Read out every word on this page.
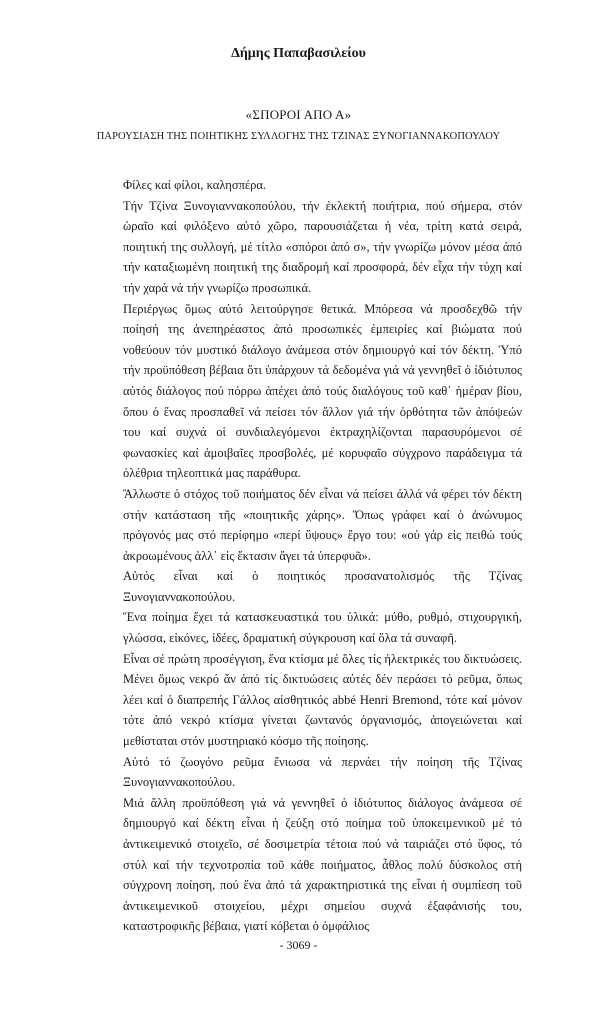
Δήμης Παπαβασιλείου
«ΣΠΟΡΟΙ ΑΠΟ Α»
ΠΑΡΟΥΣΙΑΣΗ ΤΗΣ ΠΟΙΗΤΙΚΗΣ ΣΥΛΛΟΓΗΣ ΤΗΣ ΤΖΙΝΑΣ ΞΥΝΟΓΙΑΝΝΑΚΟΠΟΥΛΟΥ

Φίλες καί φίλοι, καλησπέρα.

Τήν Τζίνα Ξυνογιαννακοπούλου, τήν ἐκλεκτή ποιήτρια, πού σήμερα, στόν ὡραῖο καί φιλόξενο αὐτό χῶρο, παρουσιάζεται ἡ νέα, τρίτη κατά σειρά, ποιητική της συλλογή, μέ τίτλο «σπόροι ἀπό σ», τήν γνωρίζω μόνον μέσα ἀπό τήν καταξιωμένη ποιητική της διαδρομή καί προσφορά, δέν εἶχα τήν τύχη καί τήν χαρά νά τήν γνωρίζω προσωπικά.

Περιέργως ὅμως αὐτό λειτούργησε θετικά. Μπόρεσα νά προσδεχθῶ τήν ποίησή της ἀνεπηρέαστος ἀπό προσωπικές ἐμπειρίες καί βιώματα πού νοθεύουν τόν μυστικό διάλογο ἀνάμεσα στόν δημιουργό καί τόν δέκτη. Ὑπό τήν προϋπόθεση βέβαια ὅτι ὑπάρχουν τά δεδομένα γιά νά γεννηθεῖ ὁ ἰδιότυπος αὐτός διάλογος πού πόρρω ἀπέχει ἀπό τούς διαλόγους τοῦ καθ᾽ ἡμέραν βίου, ὅπου ὁ ἕνας προσπαθεῖ νά πείσει τόν ἄλλον γιά τήν ὀρθότητα τῶν ἀπόψεών του καί συχνά οἱ συνδιαλεγόμενοι ἐκτραχηλίζονται παρασυρόμενοι σέ φωνασκίες καί ἀμοιβαῖες προσβολές, μέ κορυφαῖο σύγχρονο παράδειγμα τά ὀλέθρια τηλεοπτικά μας παράθυρα.

Ἄλλωστε ὁ στόχος τοῦ ποιήματος δέν εἶναι νά πείσει ἀλλά νά φέρει τόν δέκτη στήν κατάσταση τῆς «ποιητικῆς χάρης». Ὅπως γράφει καί ὁ ἀνώνυμος πρόγονός μας στό περίφημο «περί ὕψους» ἔργο του: «οὐ γάρ εἰς πειθώ τούς ἀκροωμένους ἀλλ᾽ εἰς ἔκτασιν ἄγει τά ὑπερφυᾶ».

Αὐτός εἶναι καί ὁ ποιητικός προσανατολισμός τῆς Τζίνας Ξυνογιαννακοπούλου.

Ἕνα ποίημα ἔχει τά κατασκευαστικά του ὑλικά: μύθο, ρυθμό, στιχουργική, γλώσσα, εἰκόνες, ἰδέες, δραματική σύγκρουση καί ὅλα τά συναφῆ.

Εἶναι σέ πρώτη προσέγγιση, ἕνα κτίσμα μέ ὅλες τίς ἠλεκτρικές του δικτυώσεις. Μένει ὅμως νεκρό ἄν ἀπό τίς δικτυώσεις αὐτές δέν περάσει τό ρεῦμα, ὅπως λέει καί ὁ διαπρεπής Γάλλος αἰσθητικός abbé Henri Bremond, τότε καί μόνον τότε ἀπό νεκρό κτίσμα γίνεται ζωντανός ὀργανισμός, ἀπογειώνεται καί μεθίσταται στόν μυστηριακό κόσμο τῆς ποίησης.

Αὐτό τό ζωογόνο ρεῦμα ἔνιωσα νά περνάει τήν ποίηση τῆς Τζίνας Ξυνογιαννακοπούλου.

Μιά ἄλλη προϋπόθεση γιά νά γεννηθεῖ ὁ ἰδιότυπος διάλογος ἀνάμεσα σέ δημιουργό καί δέκτη εἶναι ἡ ζεύξη στό ποίημα τοῦ ὑποκειμενικοῦ μέ τό ἀντικειμενικό στοιχεῖο, σέ δοσιμετρία τέτοια πού νά ταιριάζει στό ὕφος, τό στύλ καί τήν τεχνοτροπία τοῦ κάθε ποιήματος, ἆθλος πολύ δύσκολος στή σύγχρονη ποίηση, πού ἕνα ἀπό τά χαρακτηριστικά της εἶναι ἡ συμπίεση τοῦ ἀντικειμενικοῦ στοιχείου, μέχρι σημείου συχνά ἐξαφάνισής του, καταστροφικῆς βέβαια, γιατί κόβεται ὁ ὀμφάλιος

- 3069 -
